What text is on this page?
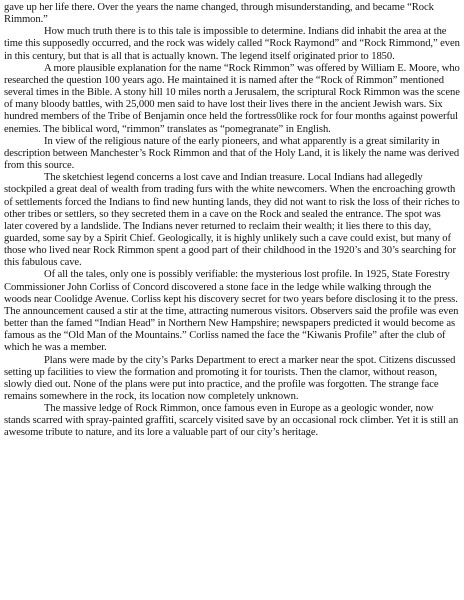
gave up her life there. Over the years the name changed, through misunderstanding, and became “Rock Rimmon.”

How much truth there is to this tale is impossible to determine. Indians did inhabit the area at the time this supposedly occurred, and the rock was widely called “Rock Raymond” and “Rock Rimmond,” even in this century, but that is all that is actually known. The legend itself originated prior to 1850.

A more plausible explanation for the name “Rock Rimmon” was offered by William E. Moore, who researched the question 100 years ago. He maintained it is named after the “Rock of Rimmon” mentioned several times in the Bible. A stony hill 10 miles north a Jerusalem, the scriptural Rock Rimmon was the scene of many bloody battles, with 25,000 men said to have lost their lives there in the ancient Jewish wars. Six hundred members of the Tribe of Benjamin once held the fortress0like rock for four months against powerful enemies. The biblical word, “rimmon” translates as “pomegranate” in English.

In view of the religious nature of the early pioneers, and what apparently is a great similarity in description between Manchester’s Rock Rimmon and that of the Holy Land, it is likely the name was derived from this source.

The sketchiest legend concerns a lost cave and Indian treasure. Local Indians had allegedly stockpiled a great deal of wealth from trading furs with the white newcomers. When the encroaching growth of settlements forced the Indians to find new hunting lands, they did not want to risk the loss of their riches to other tribes or settlers, so they secreted them in a cave on the Rock and sealed the entrance. The spot was later covered by a landslide. The Indians never returned to reclaim their wealth; it lies there to this day, guarded, some say by a Spirit Chief. Geologically, it is highly unlikely such a cave could exist, but many of those who lived near Rock Rimmon spent a good part of their childhood in the 1920’s and 30’s searching for this fabulous cave.

Of all the tales, only one is possibly verifiable: the mysterious lost profile. In 1925, State Forestry Commissioner John Corliss of Concord discovered a stone face in the ledge while walking through the woods near Coolidge Avenue. Corliss kept his discovery secret for two years before disclosing it to the press. The announcement caused a stir at the time, attracting numerous visitors. Observers said the profile was even better than the famed “Indian Head” in Northern New Hampshire; newspapers predicted it would become as famous as the “Old Man of the Mountains.” Corliss named the face the “Kiwanis Profile” after the club of which he was a member.

Plans were made by the city’s Parks Department to erect a marker near the spot. Citizens discussed setting up facilities to view the formation and promoting it for tourists. Then the clamor, without reason, slowly died out. None of the plans were put into practice, and the profile was forgotten. The strange face remains somewhere in the rock, its location now completely unknown.

The massive ledge of Rock Rimmon, once famous even in Europe as a geologic wonder, now stands scarred with spray-painted graffiti, scarcely visited save by an occasional rock climber. Yet it is still an awesome tribute to nature, and its lore a valuable part of our city’s heritage.
